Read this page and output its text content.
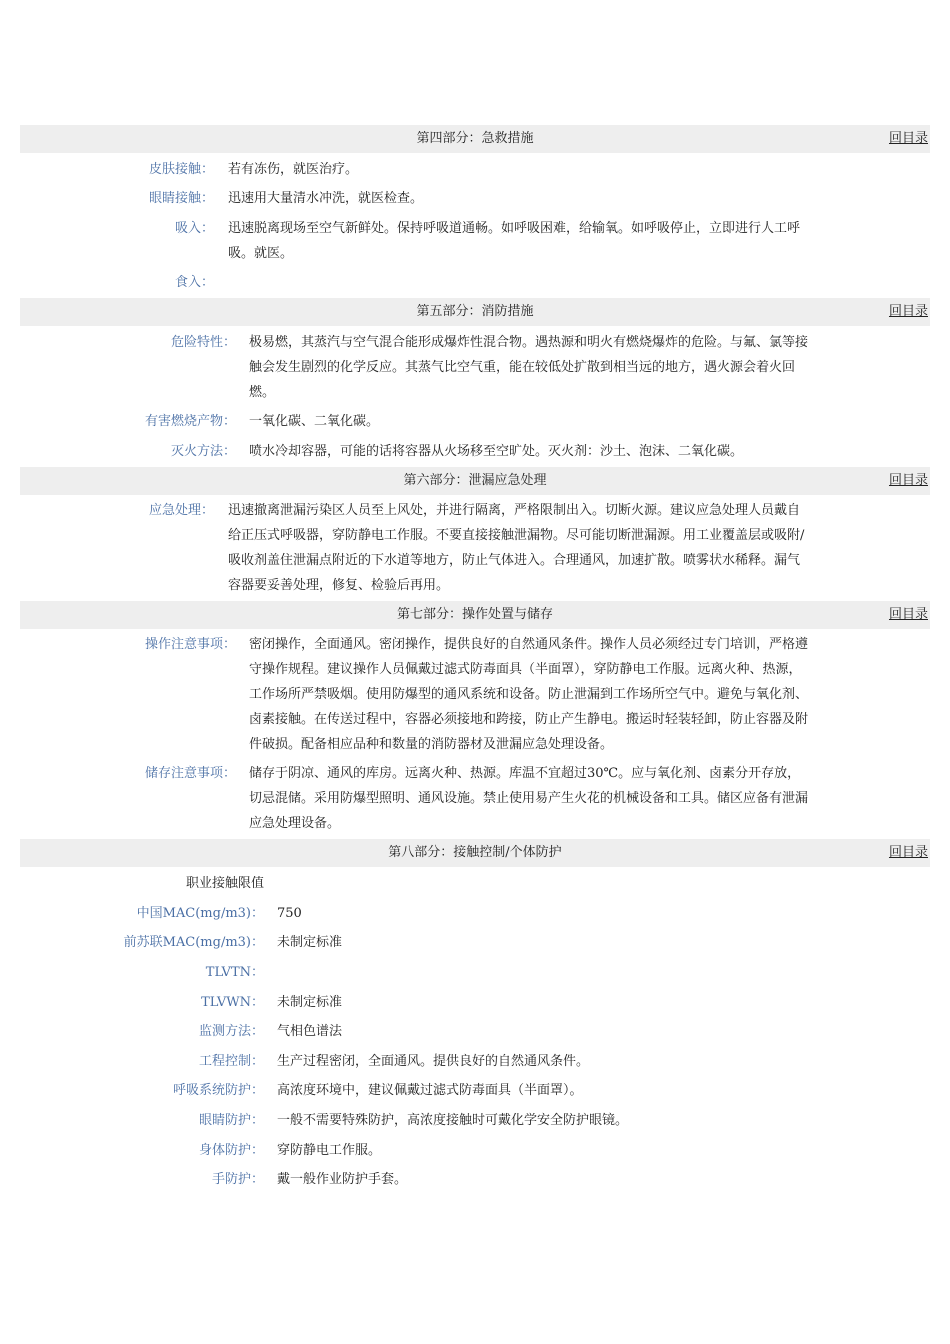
第四部分：急救措施	回目录
皮肤接触： 若有冻伤，就医治疗。
眼睛接触： 迅速用大量清水冲洗，就医检查。
吸入： 迅速脱离现场至空气新鲜处。保持呼吸道通畅。如呼吸困难，给输氧。如呼吸停止，立即进行人工呼吸。就医。
食入：
第五部分：消防措施	回目录
危险特性： 极易燃，其蒸汽与空气混合能形成爆炸性混合物。遇热源和明火有燃烧爆炸的危险。与氟、氯等接触会发生剧烈的化学反应。其蒸气比空气重，能在较低处扩散到相当远的地方，遇火源会着火回燃。
有害燃烧产物： 一氧化碳、二氧化碳。
灭火方法： 喷水冷却容器，可能的话将容器从火场移至空旷处。灭火剂：沙土、泡沫、二氧化碳。
第六部分：泄漏应急处理	回目录
应急处理： 迅速撤离泄漏污染区人员至上风处，并进行隔离，严格限制出入。切断火源。建议应急处理人员戴自给正压式呼吸器，穿防静电工作服。不要直接接触泄漏物。尽可能切断泄漏源。用工业覆盖层或吸附/ 吸收剂盖住泄漏点附近的下水道等地方，防止气体进入。合理通风，加速扩散。喷雾状水稀释。漏气容器要妥善处理，修复、检验后再用。
第七部分：操作处置与储存	回目录
操作注意事项： 密闭操作，全面通风。密闭操作，提供良好的自然通风条件。操作人员必须经过专门培训，严格遵守操作规程。建议操作人员佩戴过滤式防毒面具（半面罩），穿防静电工作服。远离火种、热源，工作场所严禁吸烟。使用防爆型的通风系统和设备。防止泄漏到工作场所空气中。避免与氧化剂、卤素接触。在传送过程中，容器必须接地和跨接，防止产生静电。搬运时轻装轻卸，防止容器及附件破损。配备相应品种和数量的消防器材及泄漏应急处理设备。
储存注意事项： 储存于阴凉、通风的库房。远离火种、热源。库温不宜超过30℃。应与氧化剂、卤素分开存放，切忌混储。采用防爆型照明、通风设施。禁止使用易产生火花的机械设备和工具。储区应备有泄漏应急处理设备。
第八部分：接触控制/个体防护	回目录
职业接触限值
中国MAC(mg/m3)： 750
前苏联MAC(mg/m3)： 未制定标准
TLVTN：
TLVWN： 未制定标准
监测方法： 气相色谱法
工程控制： 生产过程密闭，全面通风。提供良好的自然通风条件。
呼吸系统防护： 高浓度环境中，建议佩戴过滤式防毒面具（半面罩）。
眼睛防护： 一般不需要特殊防护，高浓度接触时可戴化学安全防护眼镜。
身体防护： 穿防静电工作服。
手防护： 戴一般作业防护手套。
